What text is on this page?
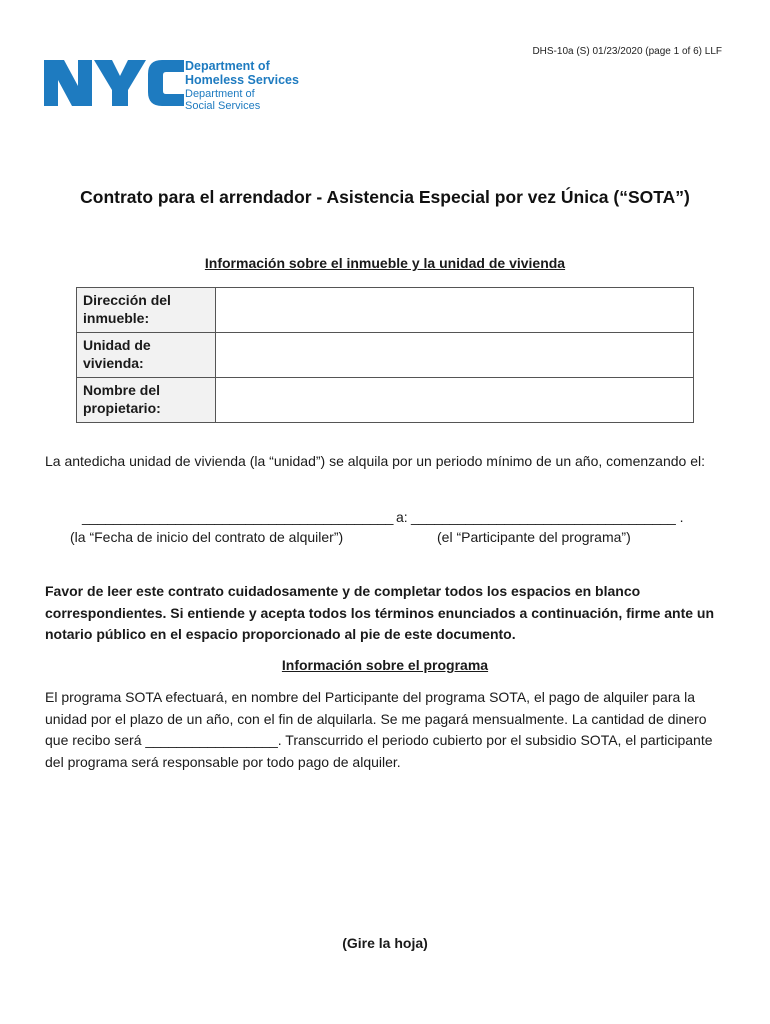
DHS-10a (S) 01/23/2020 (page 1 of 6) LLF
Department of
Homeless Services
Department of
Social Services
Contrato para el arrendador - Asistencia Especial por vez Única (“SOTA”)
Información sobre el inmueble y la unidad de vivienda
Dirección del inmueble:	
Unidad de vivienda:	
Nombre del propietario:	
La antedicha unidad de vivienda (la “unidad”) se alquila por un periodo mínimo de un año, comenzando el:
________________________________________ a: __________________________________ .
(la “Fecha de inicio del contrato de alquiler”)	(el “Participante del programa”)
Favor de leer este contrato cuidadosamente y de completar todos los espacios en blanco correspondientes. Si entiende y acepta todos los términos enunciados a continuación, firme ante un notario público en el espacio proporcionado al pie de este documento.
Información sobre el programa
El programa SOTA efectuará, en nombre del Participante del programa SOTA, el pago de alquiler para la unidad por el plazo de un año, con el fin de alquilarla. Se me pagará mensualmente. La cantidad de dinero que recibo será _________________. Transcurrido el periodo cubierto por el subsidio SOTA, el participante del programa será responsable por todo pago de alquiler.
(Gire la hoja)
